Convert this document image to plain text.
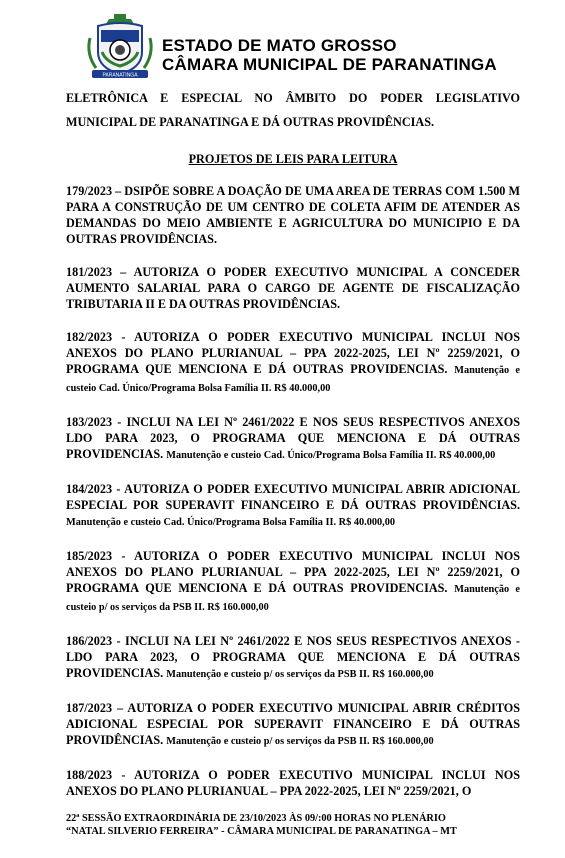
PARANATINGA
ESTADO DE MATO GROSSO
CÂMARA MUNICIPAL DE PARANATINGA

ELETRÔNICA E ESPECIAL NO ÂMBITO DO PODER LEGISLATIVO MUNICIPAL DE PARANATINGA E DÁ OUTRAS PROVIDÊNCIAS.

PROJETOS DE LEIS PARA LEITURA

179/2023 – DSIPÕE SOBRE A DOAÇÃO DE UMA AREA DE TERRAS COM 1.500 M PARA A CONSTRUÇÃO DE UM CENTRO DE COLETA AFIM DE ATENDER AS DEMANDAS DO MEIO AMBIENTE E AGRICULTURA DO MUNICIPIO E DA OUTRAS PROVIDÊNCIAS.

181/2023 – AUTORIZA O PODER EXECUTIVO MUNICIPAL A CONCEDER AUMENTO SALARIAL PARA O CARGO DE AGENTE DE FISCALIZAÇÃO TRIBUTARIA II E DA OUTRAS PROVIDÊNCIAS.

182/2023 - AUTORIZA O PODER EXECUTIVO MUNICIPAL INCLUI NOS ANEXOS DO PLANO PLURIANUAL – PPA 2022-2025, LEI Nº 2259/2021, O PROGRAMA QUE MENCIONA E DÁ OUTRAS PROVIDENCIAS. Manutenção e custeio Cad. Único/Programa Bolsa Família II. R$ 40.000,00

183/2023 - INCLUI NA LEI Nº 2461/2022 E NOS SEUS RESPECTIVOS ANEXOS LDO PARA 2023, O PROGRAMA QUE MENCIONA E DÁ OUTRAS PROVIDENCIAS. Manutenção e custeio Cad. Único/Programa Bolsa Família II. R$ 40.000,00

184/2023 - AUTORIZA O PODER EXECUTIVO MUNICIPAL ABRIR ADICIONAL ESPECIAL POR SUPERAVIT FINANCEIRO E DÁ OUTRAS PROVIDÊNCIAS. Manutenção e custeio Cad. Único/Programa Bolsa Família II. R$ 40.000,00

185/2023 - AUTORIZA O PODER EXECUTIVO MUNICIPAL INCLUI NOS ANEXOS DO PLANO PLURIANUAL – PPA 2022-2025, LEI Nº 2259/2021, O PROGRAMA QUE MENCIONA E DÁ OUTRAS PROVIDENCIAS. Manutenção e custeio p/ os serviços da PSB II. R$ 160.000,00

186/2023 - INCLUI NA LEI Nº 2461/2022 E NOS SEUS RESPECTIVOS ANEXOS - LDO PARA 2023, O PROGRAMA QUE MENCIONA E DÁ OUTRAS PROVIDENCIAS. Manutenção e custeio p/ os serviços da PSB II. R$ 160.000,00

187/2023 – AUTORIZA O PODER EXECUTIVO MUNICIPAL ABRIR CRÉDITOS ADICIONAL ESPECIAL POR SUPERAVIT FINANCEIRO E DÁ OUTRAS PROVIDÊNCIAS. Manutenção e custeio p/ os serviços da PSB II. R$ 160.000,00

188/2023 - AUTORIZA O PODER EXECUTIVO MUNICIPAL INCLUI NOS ANEXOS DO PLANO PLURIANUAL – PPA 2022-2025, LEI Nº 2259/2021, O

22ª SESSÃO EXTRAORDINÁRIA DE 23/10/2023 ÀS 09/:00 HORAS NO PLENÁRIO
“NATAL SILVERIO FERREIRA” - CÂMARA MUNICIPAL DE PARANATINGA – MT
